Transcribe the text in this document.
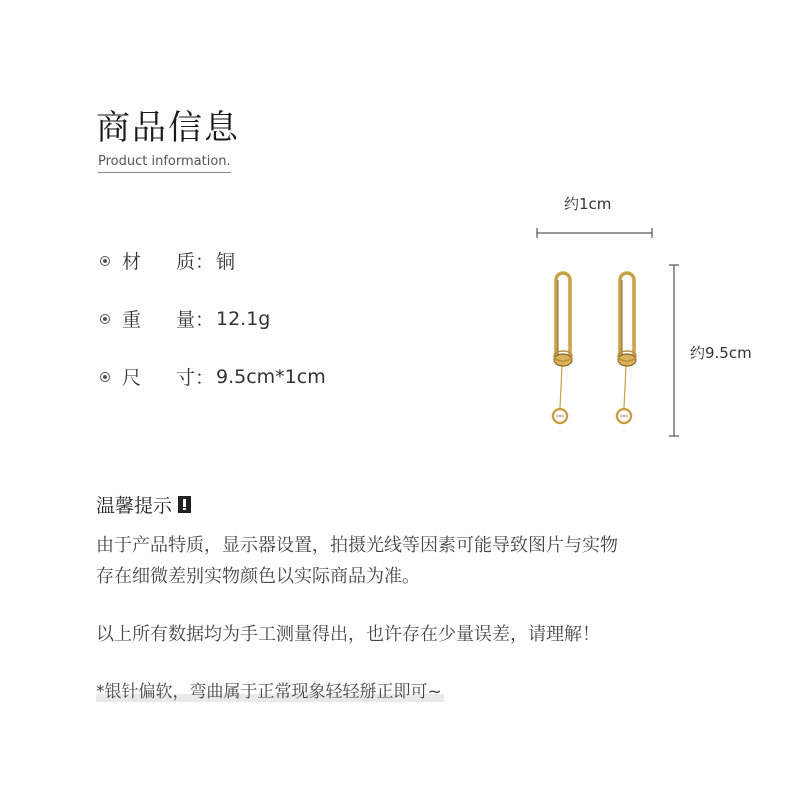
商品信息
Product information.
材 质： 铜
重 量： 12.1g
尺 寸： 9.5cm*1cm
约1cm
约9.5cm
温馨提示
由于产品特质，显示器设置，拍摄光线等因素可能导致图片与实物
存在细微差别实物颜色以实际商品为准。
以上所有数据均为手工测量得出，也许存在少量误差，请理解！
*银针偏软，弯曲属于正常现象轻轻掰正即可~
